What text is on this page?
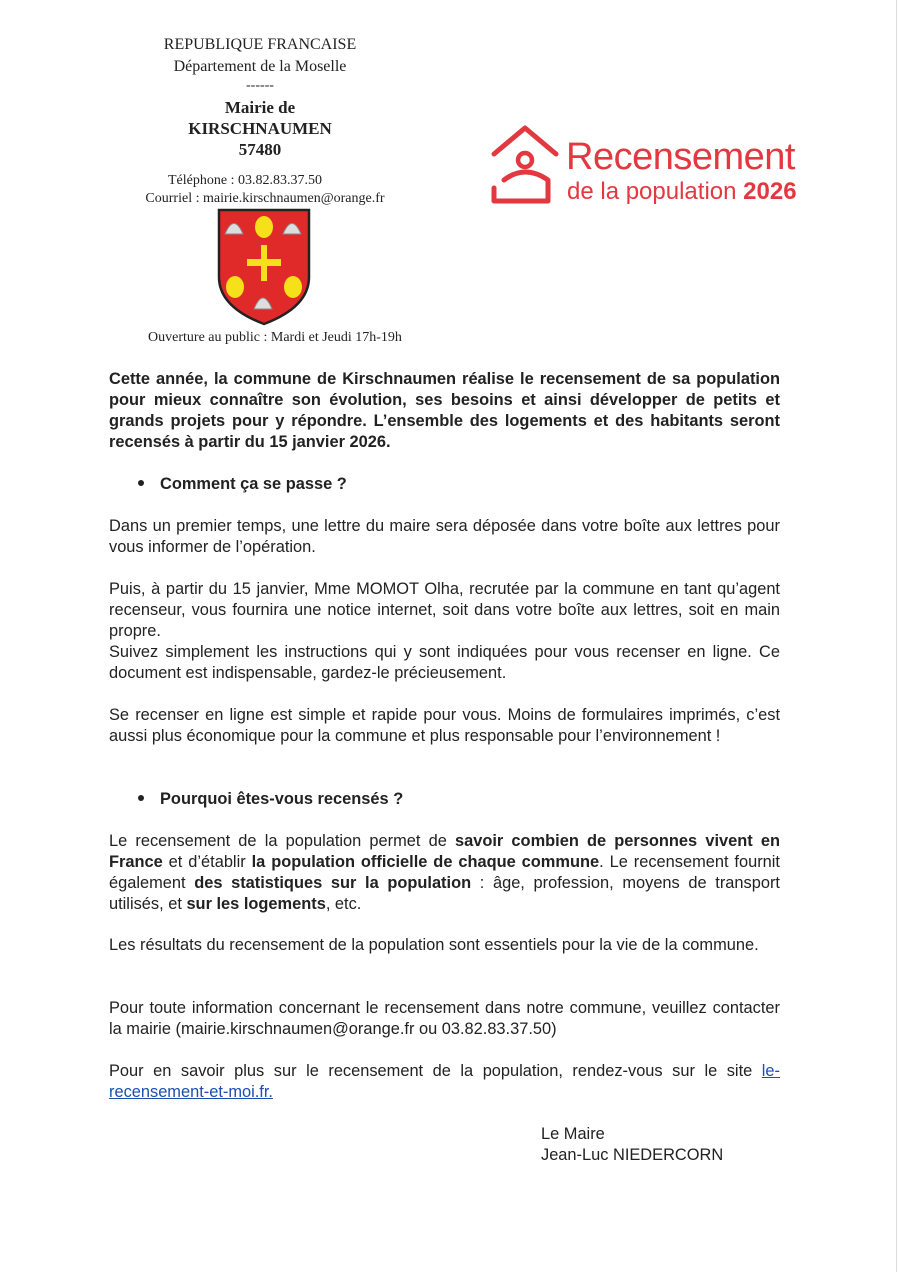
REPUBLIQUE FRANCAISE
Département de la Moselle
------
Mairie de
KIRSCHNAUMEN
57480
Téléphone : 03.82.83.37.50
Courriel : mairie.kirschnaumen@orange.fr
Ouverture au public : Mardi et Jeudi 17h-19h
Recensement
de la population 2026
Cette année, la commune de Kirschnaumen réalise le recensement de sa population pour mieux connaître son évolution, ses besoins et ainsi développer de petits et grands projets pour y répondre. L’ensemble des logements et des habitants seront recensés à partir du 15 janvier 2026.
Comment ça se passe ?
Dans un premier temps, une lettre du maire sera déposée dans votre boîte aux lettres pour vous informer de l’opération.
Puis, à partir du 15 janvier, Mme MOMOT Olha, recrutée par la commune en tant qu’agent recenseur, vous fournira une notice internet, soit dans votre boîte aux lettres, soit en main propre.
Suivez simplement les instructions qui y sont indiquées pour vous recenser en ligne. Ce document est indispensable, gardez-le précieusement.
Se recenser en ligne est simple et rapide pour vous. Moins de formulaires imprimés, c’est aussi plus économique pour la commune et plus responsable pour l’environnement !
Pourquoi êtes-vous recensés ?
Le recensement de la population permet de savoir combien de personnes vivent en France et d’établir la population officielle de chaque commune. Le recensement fournit également des statistiques sur la population : âge, profession, moyens de transport utilisés, et sur les logements, etc.
Les résultats du recensement de la population sont essentiels pour la vie de la commune.
Pour toute information concernant le recensement dans notre commune, veuillez contacter la mairie (mairie.kirschnaumen@orange.fr ou 03.82.83.37.50)
Pour en savoir plus sur le recensement de la population, rendez-vous sur le site le-recensement-et-moi.fr.
Le Maire
Jean-Luc NIEDERCORN
